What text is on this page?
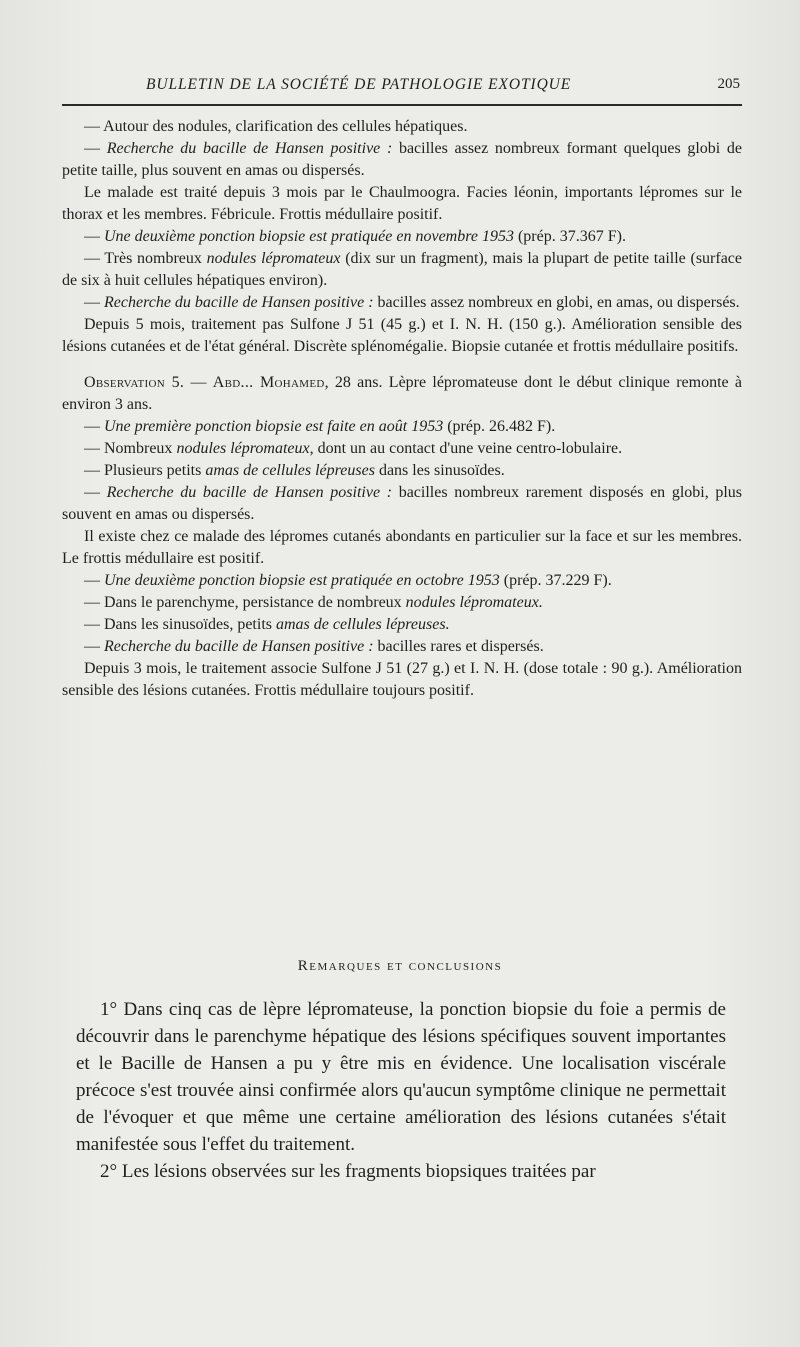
BULLETIN DE LA SOCIÉTÉ DE PATHOLOGIE EXOTIQUE	205

— Autour des nodules, clarification des cellules hépatiques.

— Recherche du bacille de Hansen positive : bacilles assez nombreux formant quelques globi de petite taille, plus souvent en amas ou dispersés.

Le malade est traité depuis 3 mois par le Chaulmoogra. Facies léonin, importants lépromes sur le thorax et les membres. Fébricule. Frottis médullaire positif.

— Une deuxième ponction biopsie est pratiquée en novembre 1953 (prép. 37.367 F).

— Très nombreux nodules lépromateux (dix sur un fragment), mais la plupart de petite taille (surface de six à huit cellules hépatiques environ).

— Recherche du bacille de Hansen positive : bacilles assez nombreux en globi, en amas, ou dispersés.

Depuis 5 mois, traitement pas Sulfone J 51 (45 g.) et I. N. H. (150 g.). Amélioration sensible des lésions cutanées et de l'état général. Discrète splénomégalie. Biopsie cutanée et frottis médullaire positifs.

Observation 5. — Abd... Mohamed, 28 ans. Lèpre lépromateuse dont le début clinique remonte à environ 3 ans.

— Une première ponction biopsie est faite en août 1953 (prép. 26.482 F).

— Nombreux nodules lépromateux, dont un au contact d'une veine centro-lobulaire.

— Plusieurs petits amas de cellules lépreuses dans les sinusoïdes.

— Recherche du bacille de Hansen positive : bacilles nombreux rarement disposés en globi, plus souvent en amas ou dispersés.

Il existe chez ce malade des lépromes cutanés abondants en particulier sur la face et sur les membres. Le frottis médullaire est positif.

— Une deuxième ponction biopsie est pratiquée en octobre 1953 (prép. 37.229 F).

— Dans le parenchyme, persistance de nombreux nodules lépromateux.

— Dans les sinusoïdes, petits amas de cellules lépreuses.

— Recherche du bacille de Hansen positive : bacilles rares et dispersés.

Depuis 3 mois, le traitement associe Sulfone J 51 (27 g.) et I. N. H. (dose totale : 90 g.). Amélioration sensible des lésions cutanées. Frottis médullaire toujours positif.

Remarques et conclusions

1° Dans cinq cas de lèpre lépromateuse, la ponction biopsie du foie a permis de découvrir dans le parenchyme hépatique des lésions spécifiques souvent importantes et le Bacille de Hansen a pu y être mis en évidence. Une localisation viscérale précoce s'est trouvée ainsi confirmée alors qu'aucun symptôme clinique ne permettait de l'évoquer et que même une certaine amélioration des lésions cutanées s'était manifestée sous l'effet du traitement.

2° Les lésions observées sur les fragments biopsiques traitées par
